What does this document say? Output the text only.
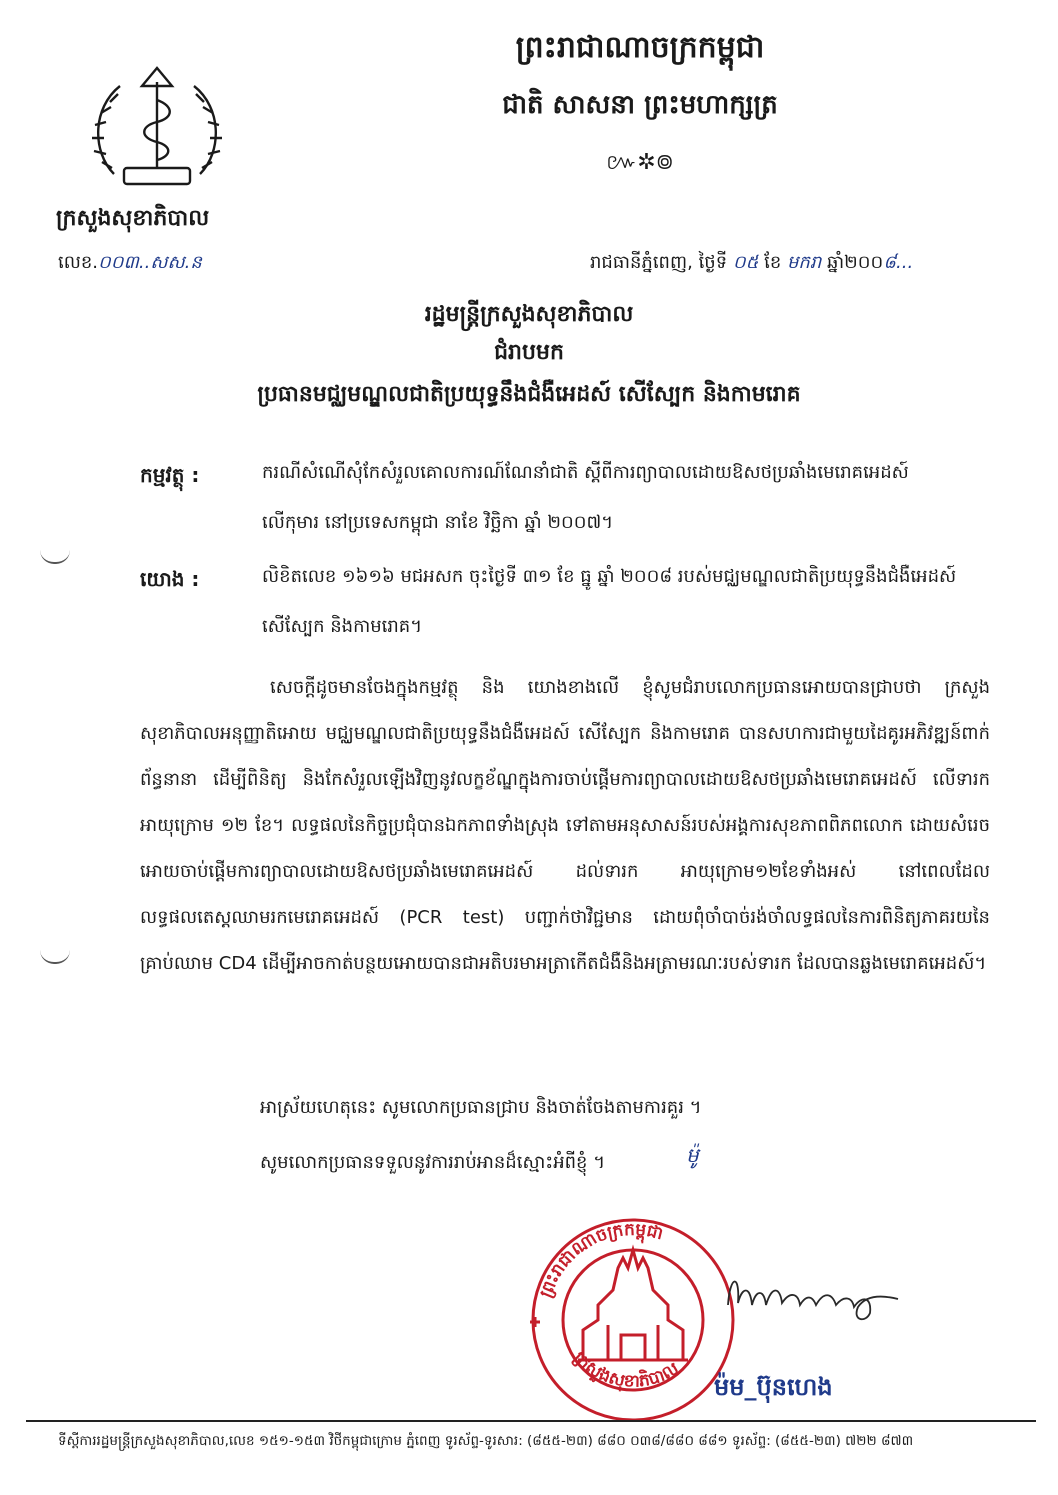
ព្រះរាជាណាចក្រកម្ពុជា
ជាតិ សាសនា ព្រះមហាក្សត្រ
៚✲៙
ក្រសួងសុខាភិបាល
លេខ.០០៣..សស.ន	រាជធានីភ្នំពេញ, ថ្ងៃទី ០៥ ខែ មករា ឆ្នាំ២០០៨...
រដ្ឋមន្ត្រីក្រសួងសុខាភិបាល
ជំរាបមក
ប្រធានមជ្ឈមណ្ឌលជាតិប្រយុទ្ធនឹងជំងឺអេដស៍ សើស្បែក និងកាមរោគ
កម្មវត្ថុ :	ករណីសំណើសុំកែសំរួលគោលការណ៍ណែនាំជាតិ ស្តីពីការព្យាបាលដោយឱសថប្រឆាំងមេរោគអេដស៍ លើកុមារ នៅប្រទេសកម្ពុជា នាខែ វិច្ឆិកា ឆ្នាំ ២០០៧។
យោង :	លិខិតលេខ ១៦១៦ មជអសក ចុះថ្ងៃទី ៣១ ខែ ធ្នូ ឆ្នាំ ២០០៨ របស់មជ្ឈមណ្ឌលជាតិប្រយុទ្ធនឹងជំងឺអេដស៍ សើស្បែក និងកាមរោគ។
សេចក្តីដូចមានចែងក្នុងកម្មវត្ថុ និង យោងខាងលើ ខ្ញុំសូមជំរាបលោកប្រធានអោយបានជ្រាបថា ក្រសួងសុខាភិបាលអនុញ្ញាតិអោយ មជ្ឈមណ្ឌលជាតិប្រយុទ្ធនឹងជំងឺអេដស៍ សើស្បែក និងកាមរោគ បានសហការជាមួយដៃគូរអភិវឌ្ឍន៍ពាក់ព័ន្ធនានា ដើម្បីពិនិត្យ និងកែសំរួលឡើងវិញនូវលក្ខខ័ណ្ឌក្នុងការចាប់ផ្តើមការព្យាបាលដោយឱសថប្រឆាំងមេរោគអេដស៍ លើទារកអាយុក្រោម ១២ ខែ។ លទ្ធផលនៃកិច្ចប្រជុំបានឯកភាពទាំងស្រុង ទៅតាមអនុសាសន៍របស់អង្គការសុខភាពពិភពលោក ដោយសំរេចអោយចាប់ផ្តើមការព្យាបាលដោយឱសថប្រឆាំងមេរោគអេដស៍ ដល់ទារក អាយុក្រោម១២ខែទាំងអស់ នៅពេលដែលលទ្ធផលតេស្តឈាមរកមេរោគអេដស៍ (PCR test) បញ្ជាក់ថាវិជ្ជមាន ដោយពុំចាំបាច់រង់ចាំលទ្ធផលនៃការពិនិត្យភាគរយនៃគ្រាប់ឈាម CD4 ដើម្បីអាចកាត់បន្ថយអោយបានជាអតិបរមាអត្រាកើតជំងឺនិងអត្រាមរណៈរបស់ទារក ដែលបានឆ្លងមេរោគអេដស៍។
អាស្រ័យហេតុនេះ សូមលោកប្រធានជ្រាប និងចាត់ចែងតាមការគួរ ។
សូមលោកប្រធានទទួលនូវការរាប់អានដ៏ស្មោះអំពីខ្ញុំ ។	ម៉ូ
ព្រះរាជាណាចក្រកម្ពុជា
ក្រសួងសុខាភិបាល
ម៉ម_ប៊ុនហេង
ទីស្តីការរដ្ឋមន្ត្រីក្រសួងសុខាភិបាល,លេខ ១៥១-១៥៣ វិថីកម្ពុជាក្រោម ភ្នំពេញ ទូរស័ព្ទ-ទូរសារ: (៨៥៥-២៣) ៨៨០ ០៣៨/៨៨០ ៨៨១ ទូរស័ព្ទ: (៨៥៥-២៣) ៧២២ ៨៧៣
